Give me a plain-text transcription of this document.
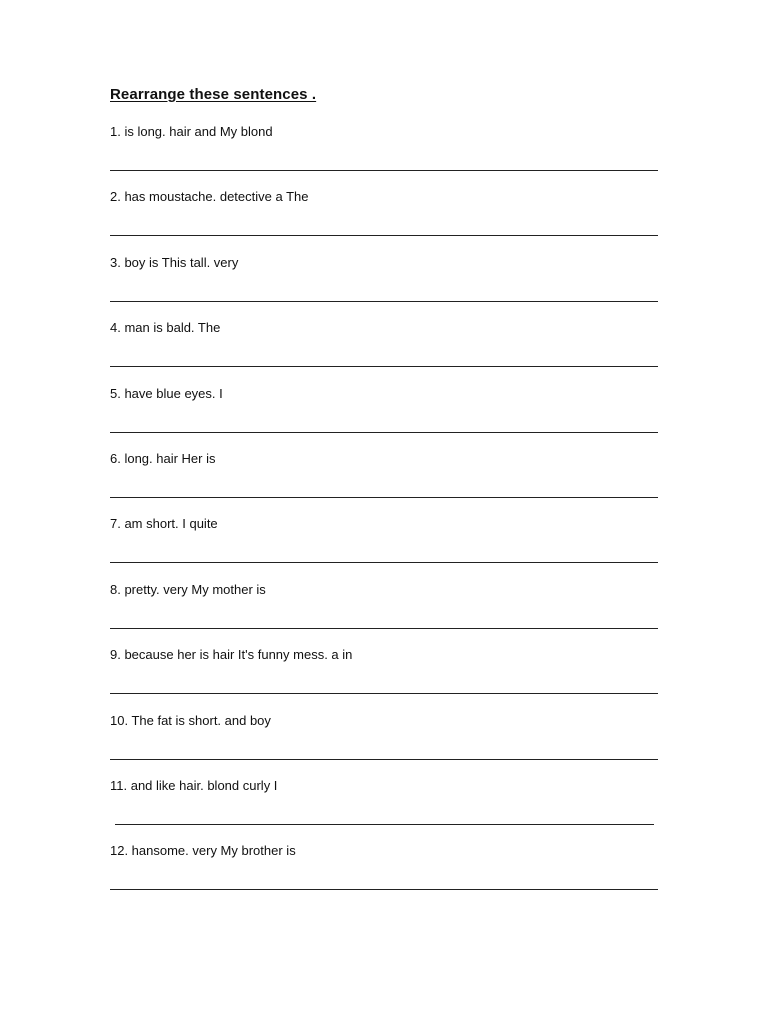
Rearrange these sentences .
1. is long. hair and My blond
2. has moustache. detective a The
3. boy is This tall. very
4. man is bald. The
5. have blue eyes. I
6. long. hair Her is
7. am short. I quite
8. pretty. very My mother is
9. because her is hair It's funny mess. a in
10. The fat is short. and boy
11. and like hair. blond curly I
12. hansome. very My brother is
